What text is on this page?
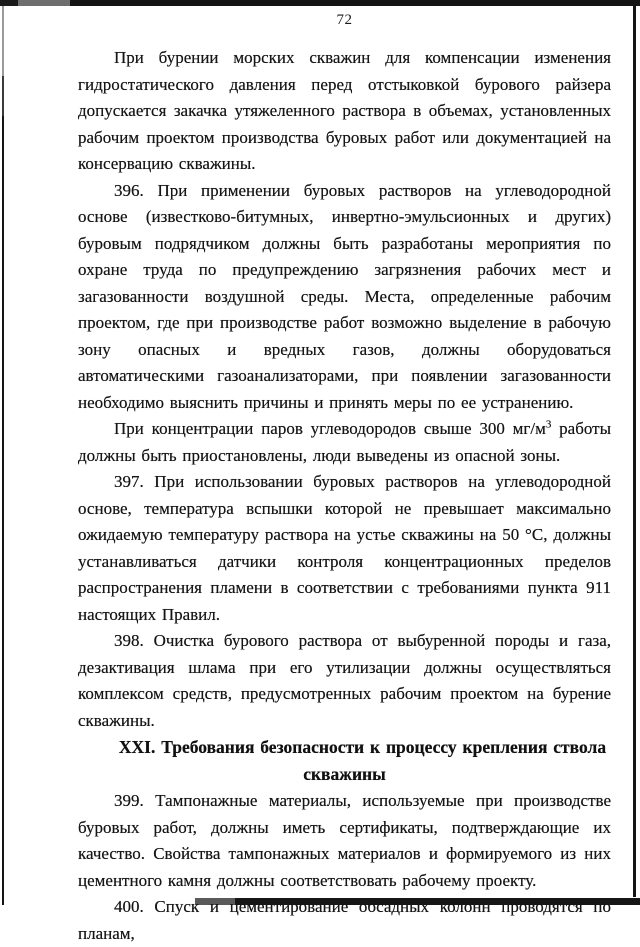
72

При бурении морских скважин для компенсации изменения гидростатического давления перед отстыковкой бурового райзера допускается закачка утяжеленного раствора в объемах, установленных рабочим проектом производства буровых работ или документацией на консервацию скважины.

396. При применении буровых растворов на углеводородной основе (известково-битумных, инвертно-эмульсионных и других) буровым подрядчиком должны быть разработаны мероприятия по охране труда по предупреждению загрязнения рабочих мест и загазованности воздушной среды. Места, определенные рабочим проектом, где при производстве работ возможно выделение в рабочую зону опасных и вредных газов, должны оборудоваться автоматическими газоанализаторами, при появлении загазованности необходимо выяснить причины и принять меры по ее устранению.

При концентрации паров углеводородов свыше 300 $мг/м^3$ работы должны быть приостановлены, люди выведены из опасной зоны.

397. При использовании буровых растворов на углеводородной основе, температура вспышки которой не превышает максимально ожидаемую температуру раствора на устье скважины на 50 °С, должны устанавливаться датчики контроля концентрационных пределов распространения пламени в соответствии с требованиями пункта 911 настоящих Правил.

398. Очистка бурового раствора от выбуренной породы и газа, дезактивация шлама при его утилизации должны осуществляться комплексом средств, предусмотренных рабочим проектом на бурение скважины.

XXI. Требования безопасности к процессу крепления ствола скважины

399. Тампонажные материалы, используемые при производстве буровых работ, должны иметь сертификаты, подтверждающие их качество. Свойства тампонажных материалов и формируемого из них цементного камня должны соответствовать рабочему проекту.

400. Спуск и цементирование обсадных колонн проводятся по планам,
